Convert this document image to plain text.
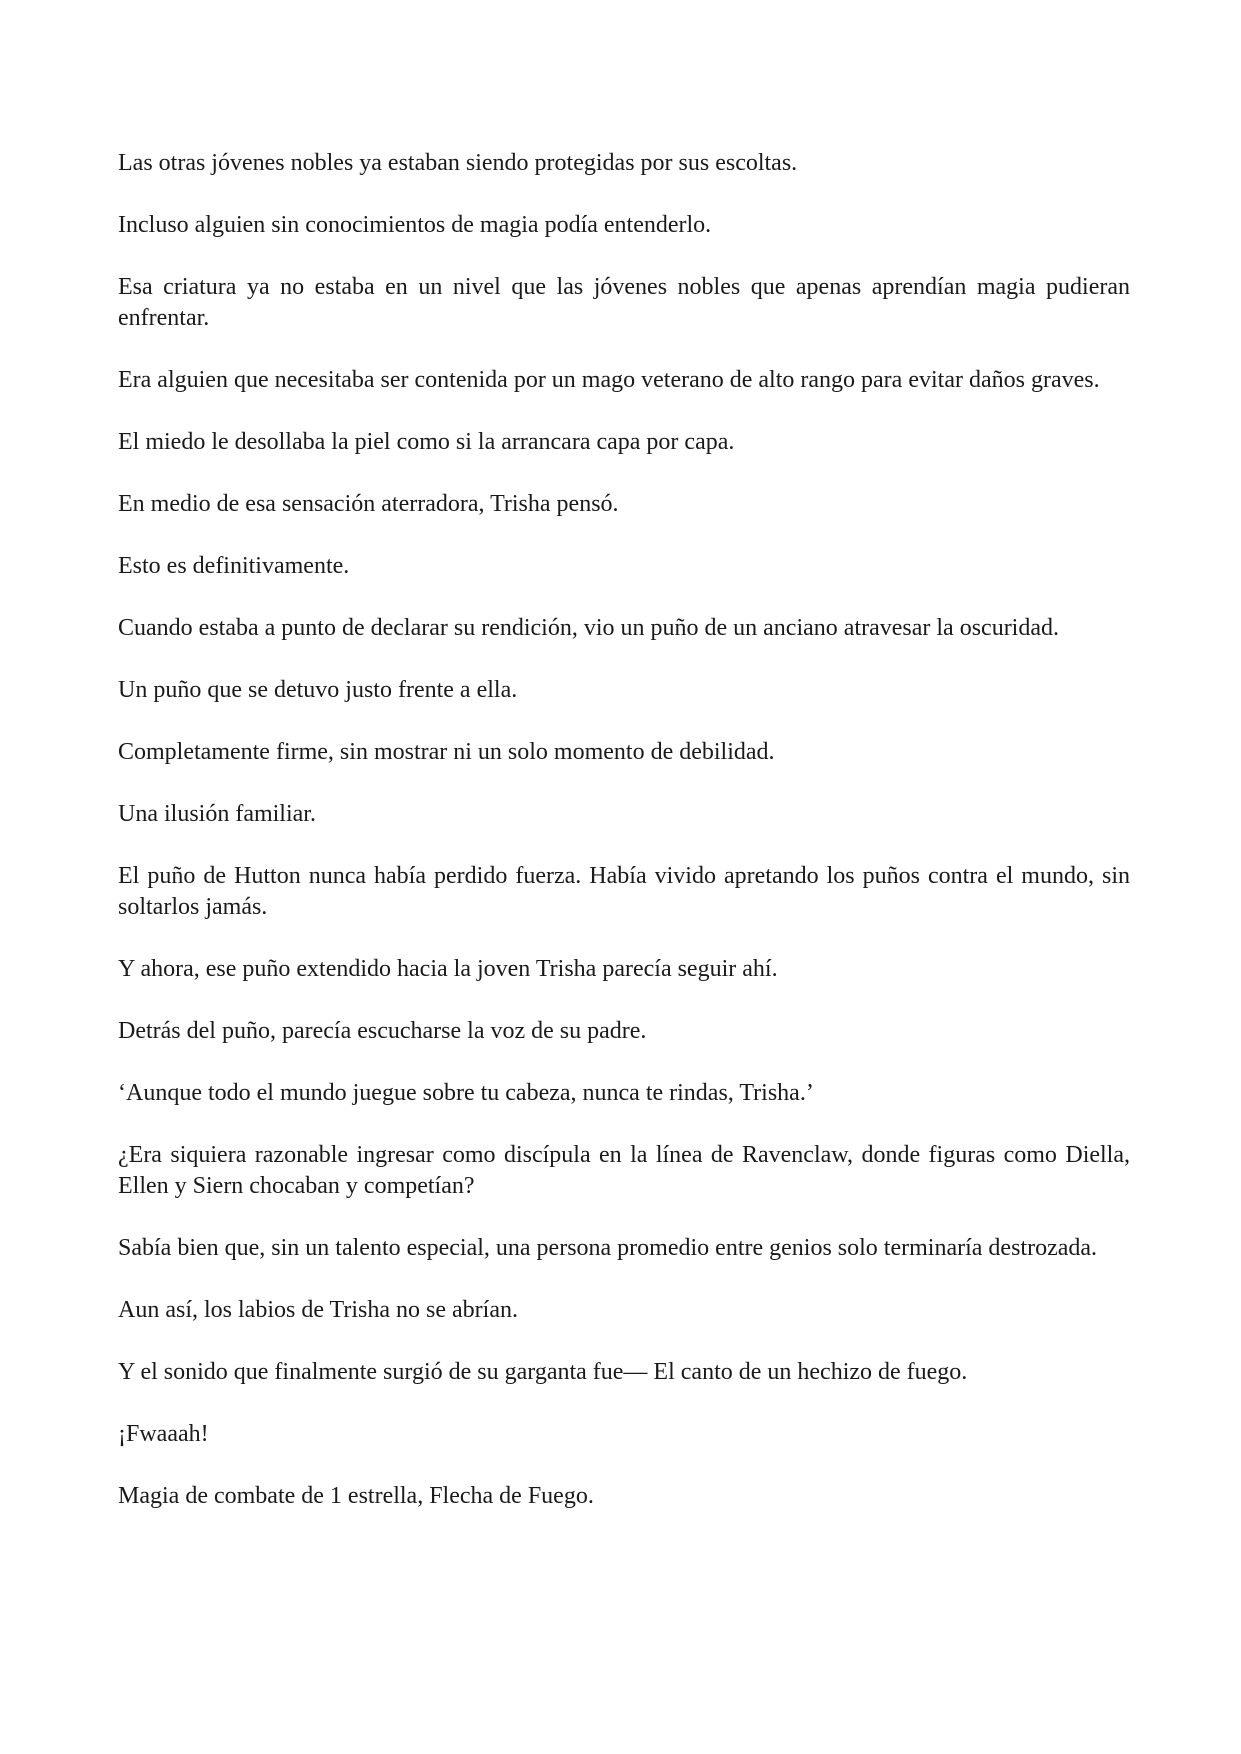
Las otras jóvenes nobles ya estaban siendo protegidas por sus escoltas.

Incluso alguien sin conocimientos de magia podía entenderlo.

Esa criatura ya no estaba en un nivel que las jóvenes nobles que apenas aprendían magia pudieran enfrentar.

Era alguien que necesitaba ser contenida por un mago veterano de alto rango para evitar daños graves.

El miedo le desollaba la piel como si la arrancara capa por capa.

En medio de esa sensación aterradora, Trisha pensó.

Esto es definitivamente.

Cuando estaba a punto de declarar su rendición, vio un puño de un anciano atravesar la oscuridad.

Un puño que se detuvo justo frente a ella.

Completamente firme, sin mostrar ni un solo momento de debilidad.

Una ilusión familiar.

El puño de Hutton nunca había perdido fuerza. Había vivido apretando los puños contra el mundo, sin soltarlos jamás.

Y ahora, ese puño extendido hacia la joven Trisha parecía seguir ahí.

Detrás del puño, parecía escucharse la voz de su padre.

‘Aunque todo el mundo juegue sobre tu cabeza, nunca te rindas, Trisha.’

¿Era siquiera razonable ingresar como discípula en la línea de Ravenclaw, donde figuras como Diella, Ellen y Siern chocaban y competían?

Sabía bien que, sin un talento especial, una persona promedio entre genios solo terminaría destrozada.

Aun así, los labios de Trisha no se abrían.

Y el sonido que finalmente surgió de su garganta fue— El canto de un hechizo de fuego.

¡Fwaaah!

Magia de combate de 1 estrella, Flecha de Fuego.
